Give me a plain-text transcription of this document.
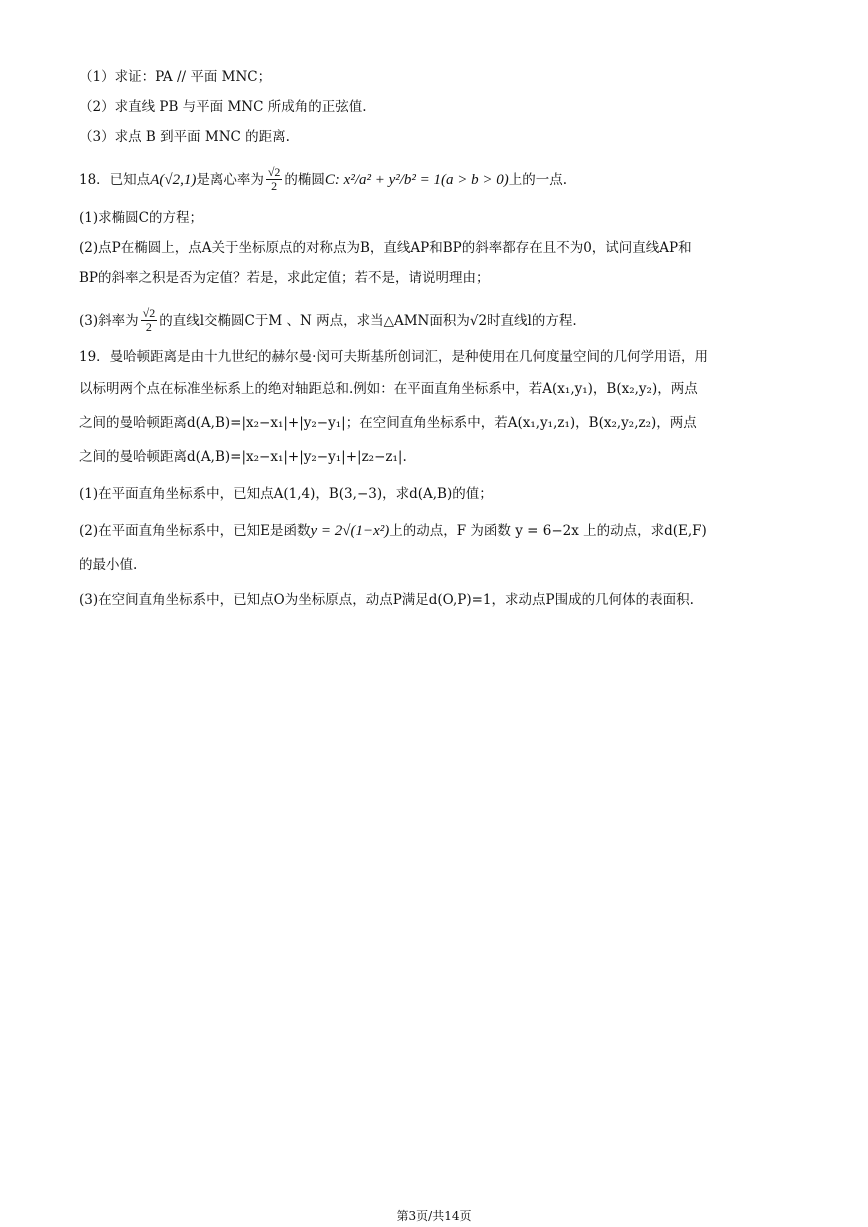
（1）求证：PA // 平面 MNC；
（2）求直线 PB 与平面 MNC 所成角的正弦值.
（3）求点 B 到平面 MNC 的距离.
18．已知点 A(√2,1) 是离心率为 $\frac{√2}{2}$ 的椭圆 C: x²/a² + y²/b² = 1(a > b > 0) 上的一点.
(1)求椭圆C的方程；
(2)点P在椭圆上，点A关于坐标原点的对称点为B，直线AP和BP的斜率都存在且不为0，试问直线AP和
BP的斜率之积是否为定值？若是，求此定值；若不是，请说明理由；
(3)斜率为 $\frac{√2}{2}$ 的直线l交椭圆C于M 、N 两点，求当△AMN面积为√2时直线l的方程.
19．曼哈顿距离是由十九世纪的赫尔曼·闵可夫斯基所创词汇，是种使用在几何度量空间的几何学用语，用
以标明两个点在标准坐标系上的绝对轴距总和.例如：在平面直角坐标系中，若A(x₁,y₁)，B(x₂,y₂)，两点
之间的曼哈顿距离d(A,B)=|x₂−x₁|+|y₂−y₁|；在空间直角坐标系中，若A(x₁,y₁,z₁)，B(x₂,y₂,z₂)，两点
之间的曼哈顿距离d(A,B)=|x₂−x₁|+|y₂−y₁|+|z₂−z₁|.
(1)在平面直角坐标系中，已知点A(1,4)，B(3,−3)，求d(A,B)的值；
(2)在平面直角坐标系中，已知E是函数 y = 2√(1−x²) 上的动点，F 为函数 y = 6−2x 上的动点，求d(E,F)
的最小值.
(3)在空间直角坐标系中，已知点O为坐标原点，动点P满足d(O,P)=1，求动点P围成的几何体的表面积.
第3页/共14页
